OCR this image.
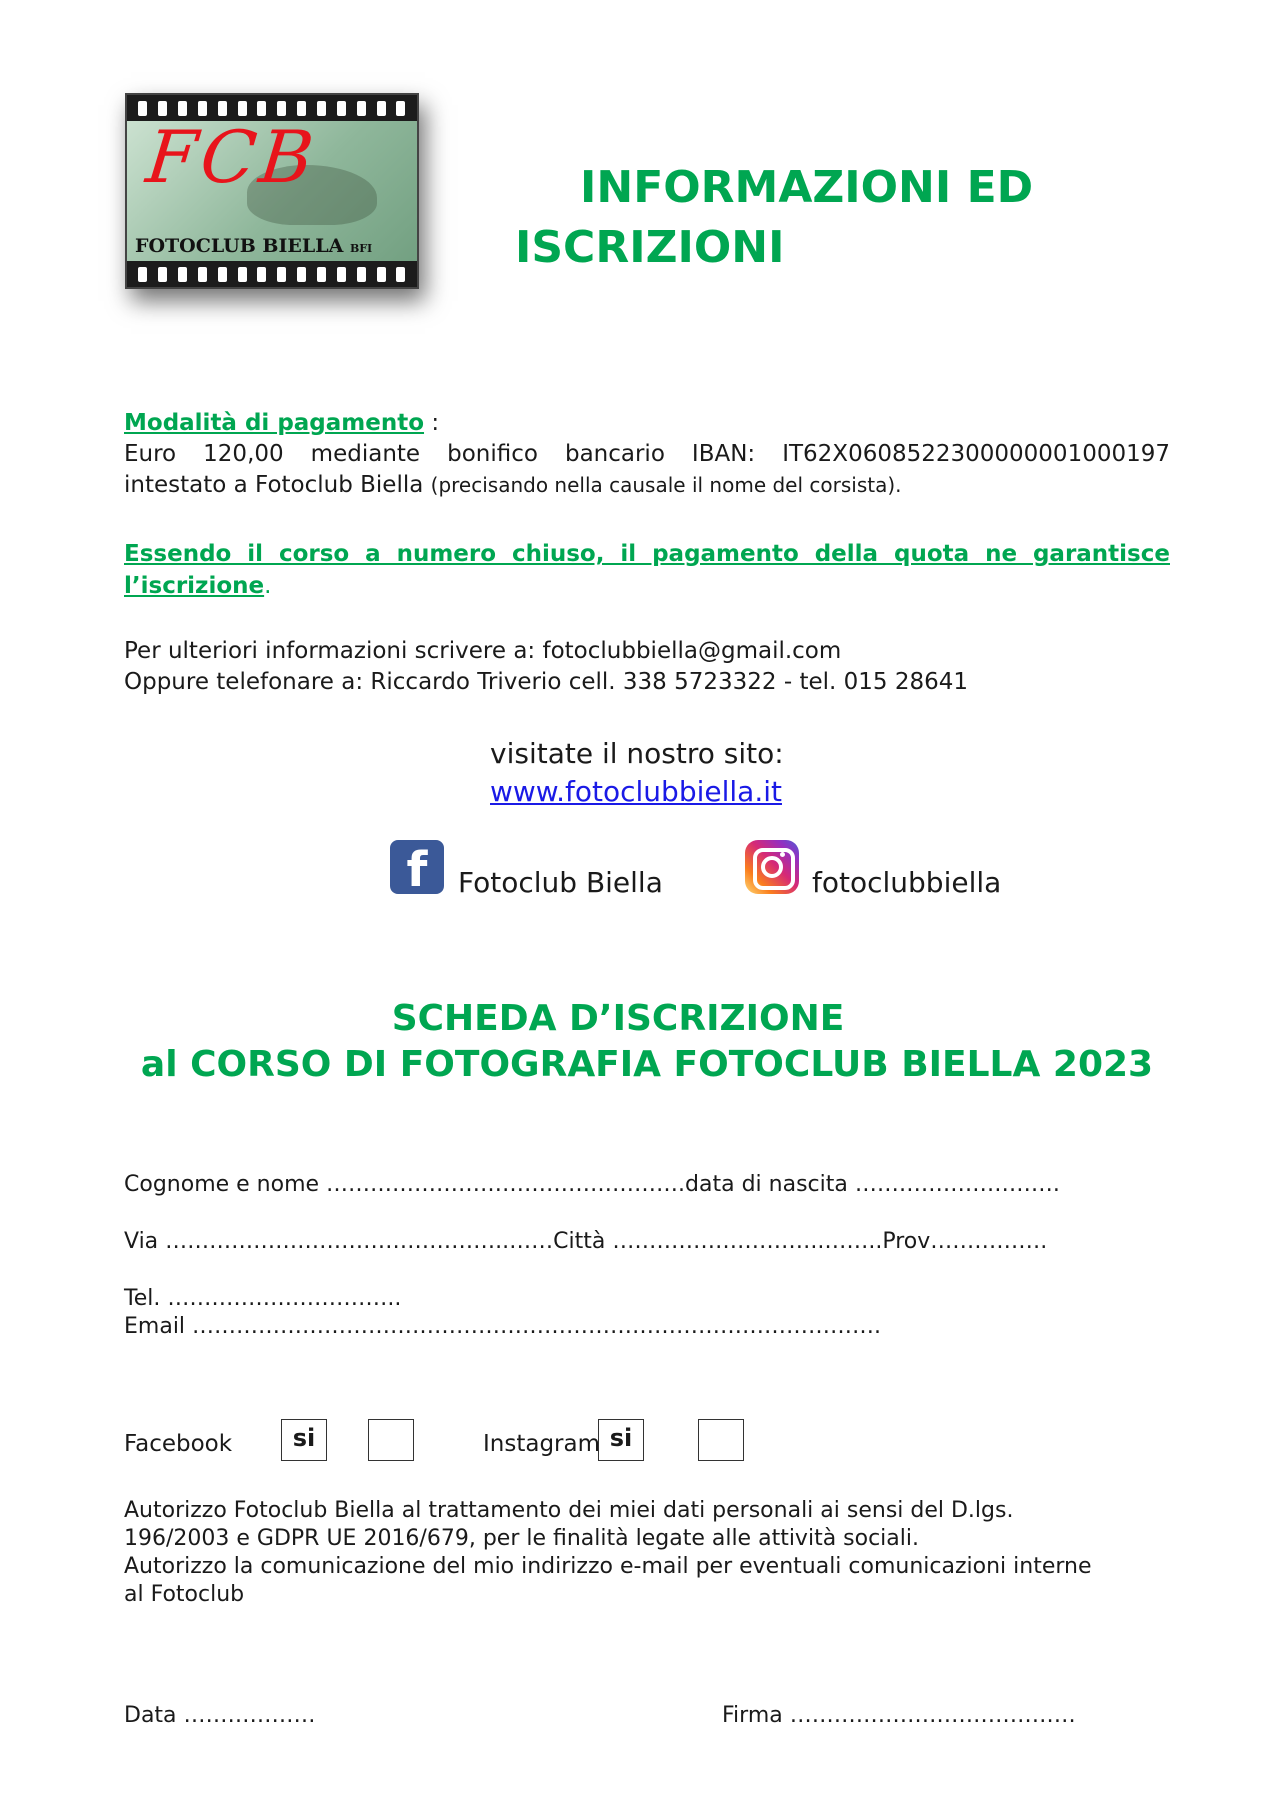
FCB
FOTOCLUB BIELLA BFI
INFORMAZIONI ED
ISCRIZIONI
Modalità di pagamento :
Euro 120,00 mediante bonifico bancario IBAN: IT62X0608522300000001000197
intestato a Fotoclub Biella (precisando nella causale il nome del corsista).
Essendo il corso a numero chiuso, il pagamento della quota ne garantisce
l’iscrizione.
Per ulteriori informazioni scrivere a: fotoclubbiella@gmail.com
Oppure telefonare a: Riccardo Triverio cell. 338 5723322 - tel. 015 28641
visitate il nostro sito:
www.fotoclubbiella.it
f	Fotoclub Biella	fotoclubbiella
SCHEDA D’ISCRIZIONE
al CORSO DI FOTOGRAFIA FOTOCLUB BIELLA 2023
Cognome e nome ………………………………………….data di nascita ……………………….
Via ………………………………………..……Città ………………………..……..Prov…………….
Tel. …………………………..
Email ………………………………………………………………………………….
Facebook	si	Instagram si
Autorizzo Fotoclub Biella al trattamento dei miei dati personali ai sensi del D.lgs.
196/2003 e GDPR UE 2016/679, per le finalità legate alle attività sociali.
Autorizzo la comunicazione del mio indirizzo e-mail per eventuali comunicazioni interne
al Fotoclub
Data ………………	Firma …………………………………
